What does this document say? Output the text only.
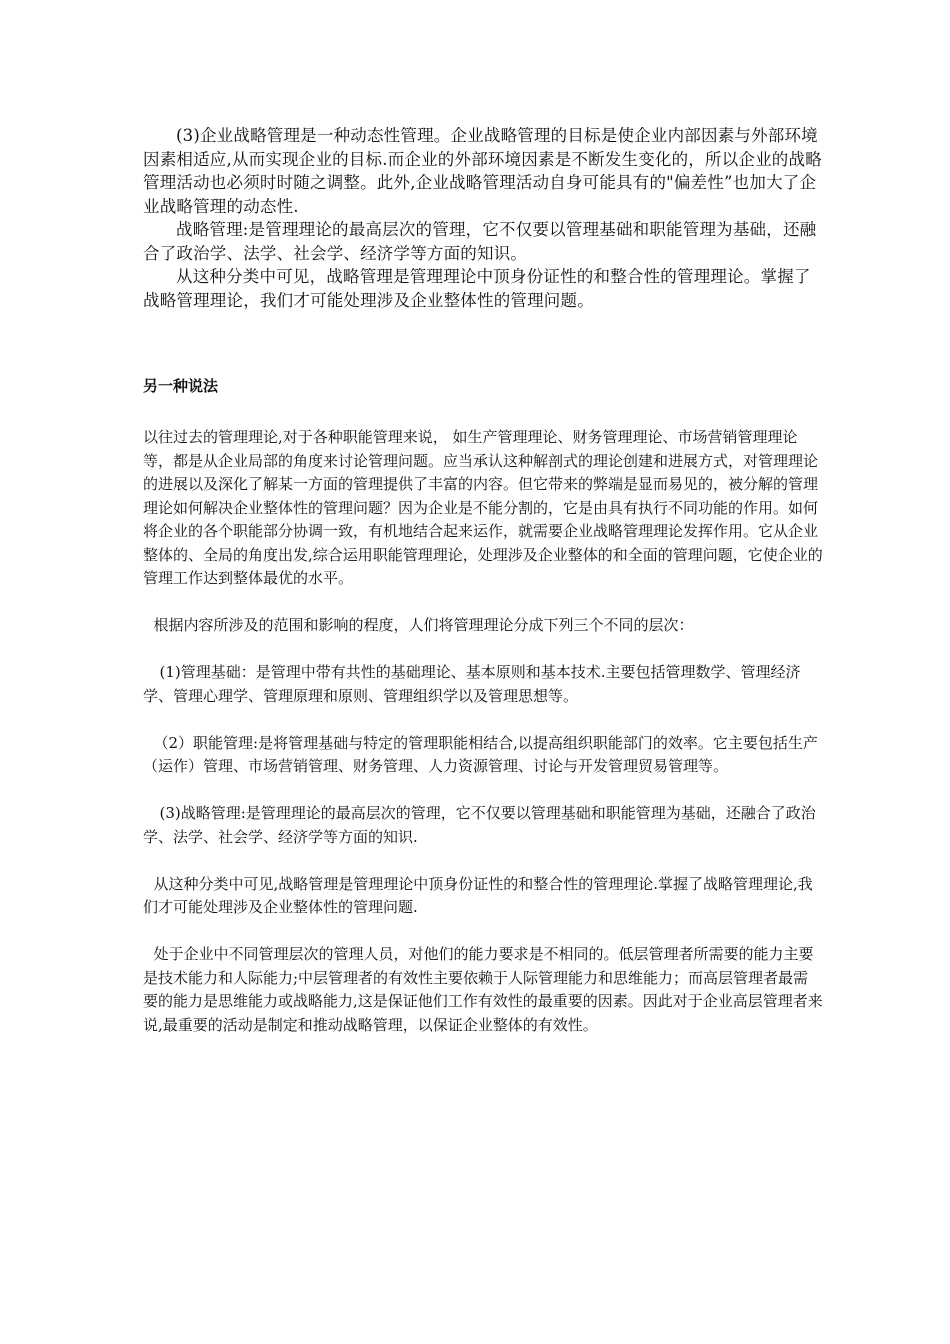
(3)企业战略管理是一种动态性管理。企业战略管理的目标是使企业内部因素与外部环境因素相适应,从而实现企业的目标.而企业的外部环境因素是不断发生变化的，所以企业的战略管理活动也必须时时随之调整。此外,企业战略管理活动自身可能具有的"偏差性”也加大了企业战略管理的动态性.

战略管理:是管理理论的最高层次的管理，它不仅要以管理基础和职能管理为基础，还融合了政治学、法学、社会学、经济学等方面的知识。

从这种分类中可见，战略管理是管理理论中顶身份证性的和整合性的管理理论。掌握了战略管理理论，我们才可能处理涉及企业整体性的管理问题。

另一种说法

以往过去的管理理论,对于各种职能管理来说， 如生产管理理论、财务管理理论、市场营销管理理论等，都是从企业局部的角度来讨论管理问题。应当承认这种解剖式的理论创建和进展方式，对管理理论的进展以及深化了解某一方面的管理提供了丰富的内容。但它带来的弊端是显而易见的，被分解的管理理论如何解决企业整体性的管理问题？因为企业是不能分割的，它是由具有执行不同功能的作用。如何将企业的各个职能部分协调一致，有机地结合起来运作，就需要企业战略管理理论发挥作用。它从企业整体的、全局的角度出发,综合运用职能管理理论，处理涉及企业整体的和全面的管理问题，它使企业的管理工作达到整体最优的水平。

根据内容所涉及的范围和影响的程度，人们将管理理论分成下列三个不同的层次：

(1)管理基础：是管理中带有共性的基础理论、基本原则和基本技术.主要包括管理数学、管理经济学、管理心理学、管理原理和原则、管理组织学以及管理思想等。

（2）职能管理:是将管理基础与特定的管理职能相结合,以提高组织职能部门的效率。它主要包括生产（运作）管理、市场营销管理、财务管理、人力资源管理、讨论与开发管理贸易管理等。

(3)战略管理:是管理理论的最高层次的管理，它不仅要以管理基础和职能管理为基础，还融合了政治学、法学、社会学、经济学等方面的知识.

从这种分类中可见,战略管理是管理理论中顶身份证性的和整合性的管理理论.掌握了战略管理理论,我们才可能处理涉及企业整体性的管理问题.

处于企业中不同管理层次的管理人员，对他们的能力要求是不相同的。低层管理者所需要的能力主要是技术能力和人际能力;中层管理者的有效性主要依赖于人际管理能力和思维能力；而高层管理者最需要的能力是思维能力或战略能力,这是保证他们工作有效性的最重要的因素。因此对于企业高层管理者来说,最重要的活动是制定和推动战略管理，以保证企业整体的有效性。
